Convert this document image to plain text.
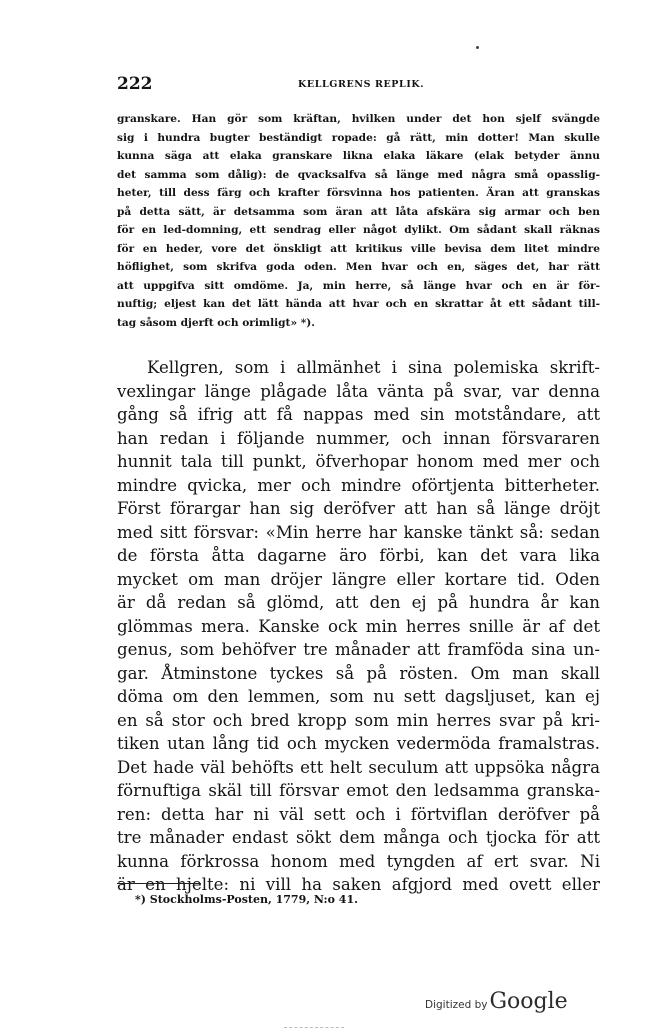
222	KELLGRENS REPLIK.
granskare. Han gör som kräftan, hvilken under det hon sjelf svängde
sig i hundra bugter beständigt ropade: gå rätt, min dotter! Man skulle
kunna säga att elaka granskare likna elaka läkare (elak betyder ännu
det samma som dålig): de qvacksalfva så länge med några små opasslig-
heter, till dess färg och krafter försvinna hos patienten. Äran att granskas
på detta sätt, är detsamma som äran att låta afskära sig armar och ben
för en led-domning, ett sendrag eller något dylikt. Om sådant skall räknas
för en heder, vore det önskligt att kritikus ville bevisa dem litet mindre
höflighet, som skrifva goda oden. Men hvar och en, säges det, har rätt
att uppgifva sitt omdöme. Ja, min herre, så länge hvar och en är för-
nuftig; eljest kan det lätt hända att hvar och en skrattar åt ett sådant till-
tag såsom djerft och orimligt» *).
Kellgren, som i allmänhet i sina polemiska skrift-
vexlingar länge plågade låta vänta på svar, var denna
gång så ifrig att få nappas med sin motståndare, att
han redan i följande nummer, och innan försvararen
hunnit tala till punkt, öfverhopar honom med mer och
mindre qvicka, mer och mindre oförtjenta bitterheter.
Först förargar han sig deröfver att han så länge dröjt
med sitt försvar: «Min herre har kanske tänkt så: sedan
de första åtta dagarne äro förbi, kan det vara lika
mycket om man dröjer längre eller kortare tid. Oden
är då redan så glömd, att den ej på hundra år kan
glömmas mera. Kanske ock min herres snille är af det
genus, som behöfver tre månader att framföda sina un-
gar. Åtminstone tyckes så på rösten. Om man skall
döma om den lemmen, som nu sett dagsljuset, kan ej
en så stor och bred kropp som min herres svar på kri-
tiken utan lång tid och mycken vedermöda framalstras.
Det hade väl behöfts ett helt seculum att uppsöka några
förnuftiga skäl till försvar emot den ledsamma granska-
ren: detta har ni väl sett och i förtviflan deröfver på
tre månader endast sökt dem många och tjocka för att
kunna förkrossa honom med tyngden af ert svar. Ni
är en hjelte: ni vill ha saken afgjord med ovett eller
*) Stockholms-Posten, 1779, N:o 41.
Digitized by Google
